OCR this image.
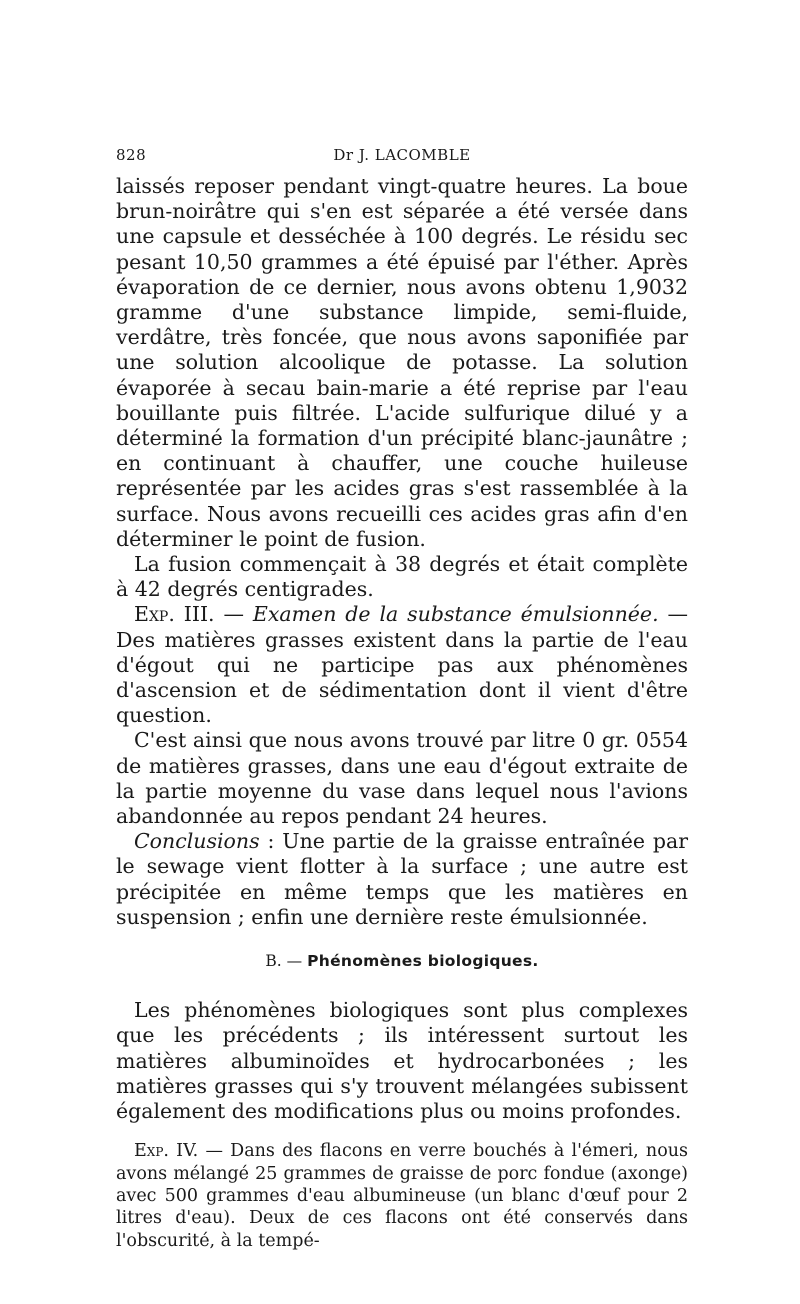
828	Dr J. LACOMBLE

laissés reposer pendant vingt-quatre heures. La boue brun-noirâtre qui s'en est séparée a été versée dans une capsule et desséchée à 100 degrés. Le résidu sec pesant 10,50 grammes a été épuisé par l'éther. Après évaporation de ce dernier, nous avons obtenu 1,9032 gramme d'une substance limpide, semi-fluide, verdâtre, très foncée, que nous avons saponifiée par une solution alcoolique de potasse. La solution évaporée à secau bain-marie a été reprise par l'eau bouillante puis filtrée. L'acide sulfurique dilué y a déterminé la formation d'un précipité blanc-jaunâtre ; en continuant à chauffer, une couche huileuse représentée par les acides gras s'est rassemblée à la surface. Nous avons recueilli ces acides gras afin d'en déterminer le point de fusion.

La fusion commençait à 38 degrés et était complète à 42 degrés centigrades.

Exp. III. — Examen de la substance émulsionnée. — Des matières grasses existent dans la partie de l'eau d'égout qui ne participe pas aux phénomènes d'ascension et de sédimentation dont il vient d'être question.

C'est ainsi que nous avons trouvé par litre 0 gr. 0554 de matières grasses, dans une eau d'égout extraite de la partie moyenne du vase dans lequel nous l'avions abandonnée au repos pendant 24 heures.

Conclusions : Une partie de la graisse entraînée par le sewage vient flotter à la surface ; une autre est précipitée en même temps que les matières en suspension ; enfin une dernière reste émulsionnée.

B. — Phénomènes biologiques.

Les phénomènes biologiques sont plus complexes que les précédents ; ils intéressent surtout les matières albuminoïdes et hydrocarbonées ; les matières grasses qui s'y trouvent mélangées subissent également des modifications plus ou moins profondes.

Exp. IV. — Dans des flacons en verre bouchés à l'émeri, nous avons mélangé 25 grammes de graisse de porc fondue (axonge) avec 500 grammes d'eau albumineuse (un blanc d'œuf pour 2 litres d'eau). Deux de ces flacons ont été conservés dans l'obscurité, à la tempé-
